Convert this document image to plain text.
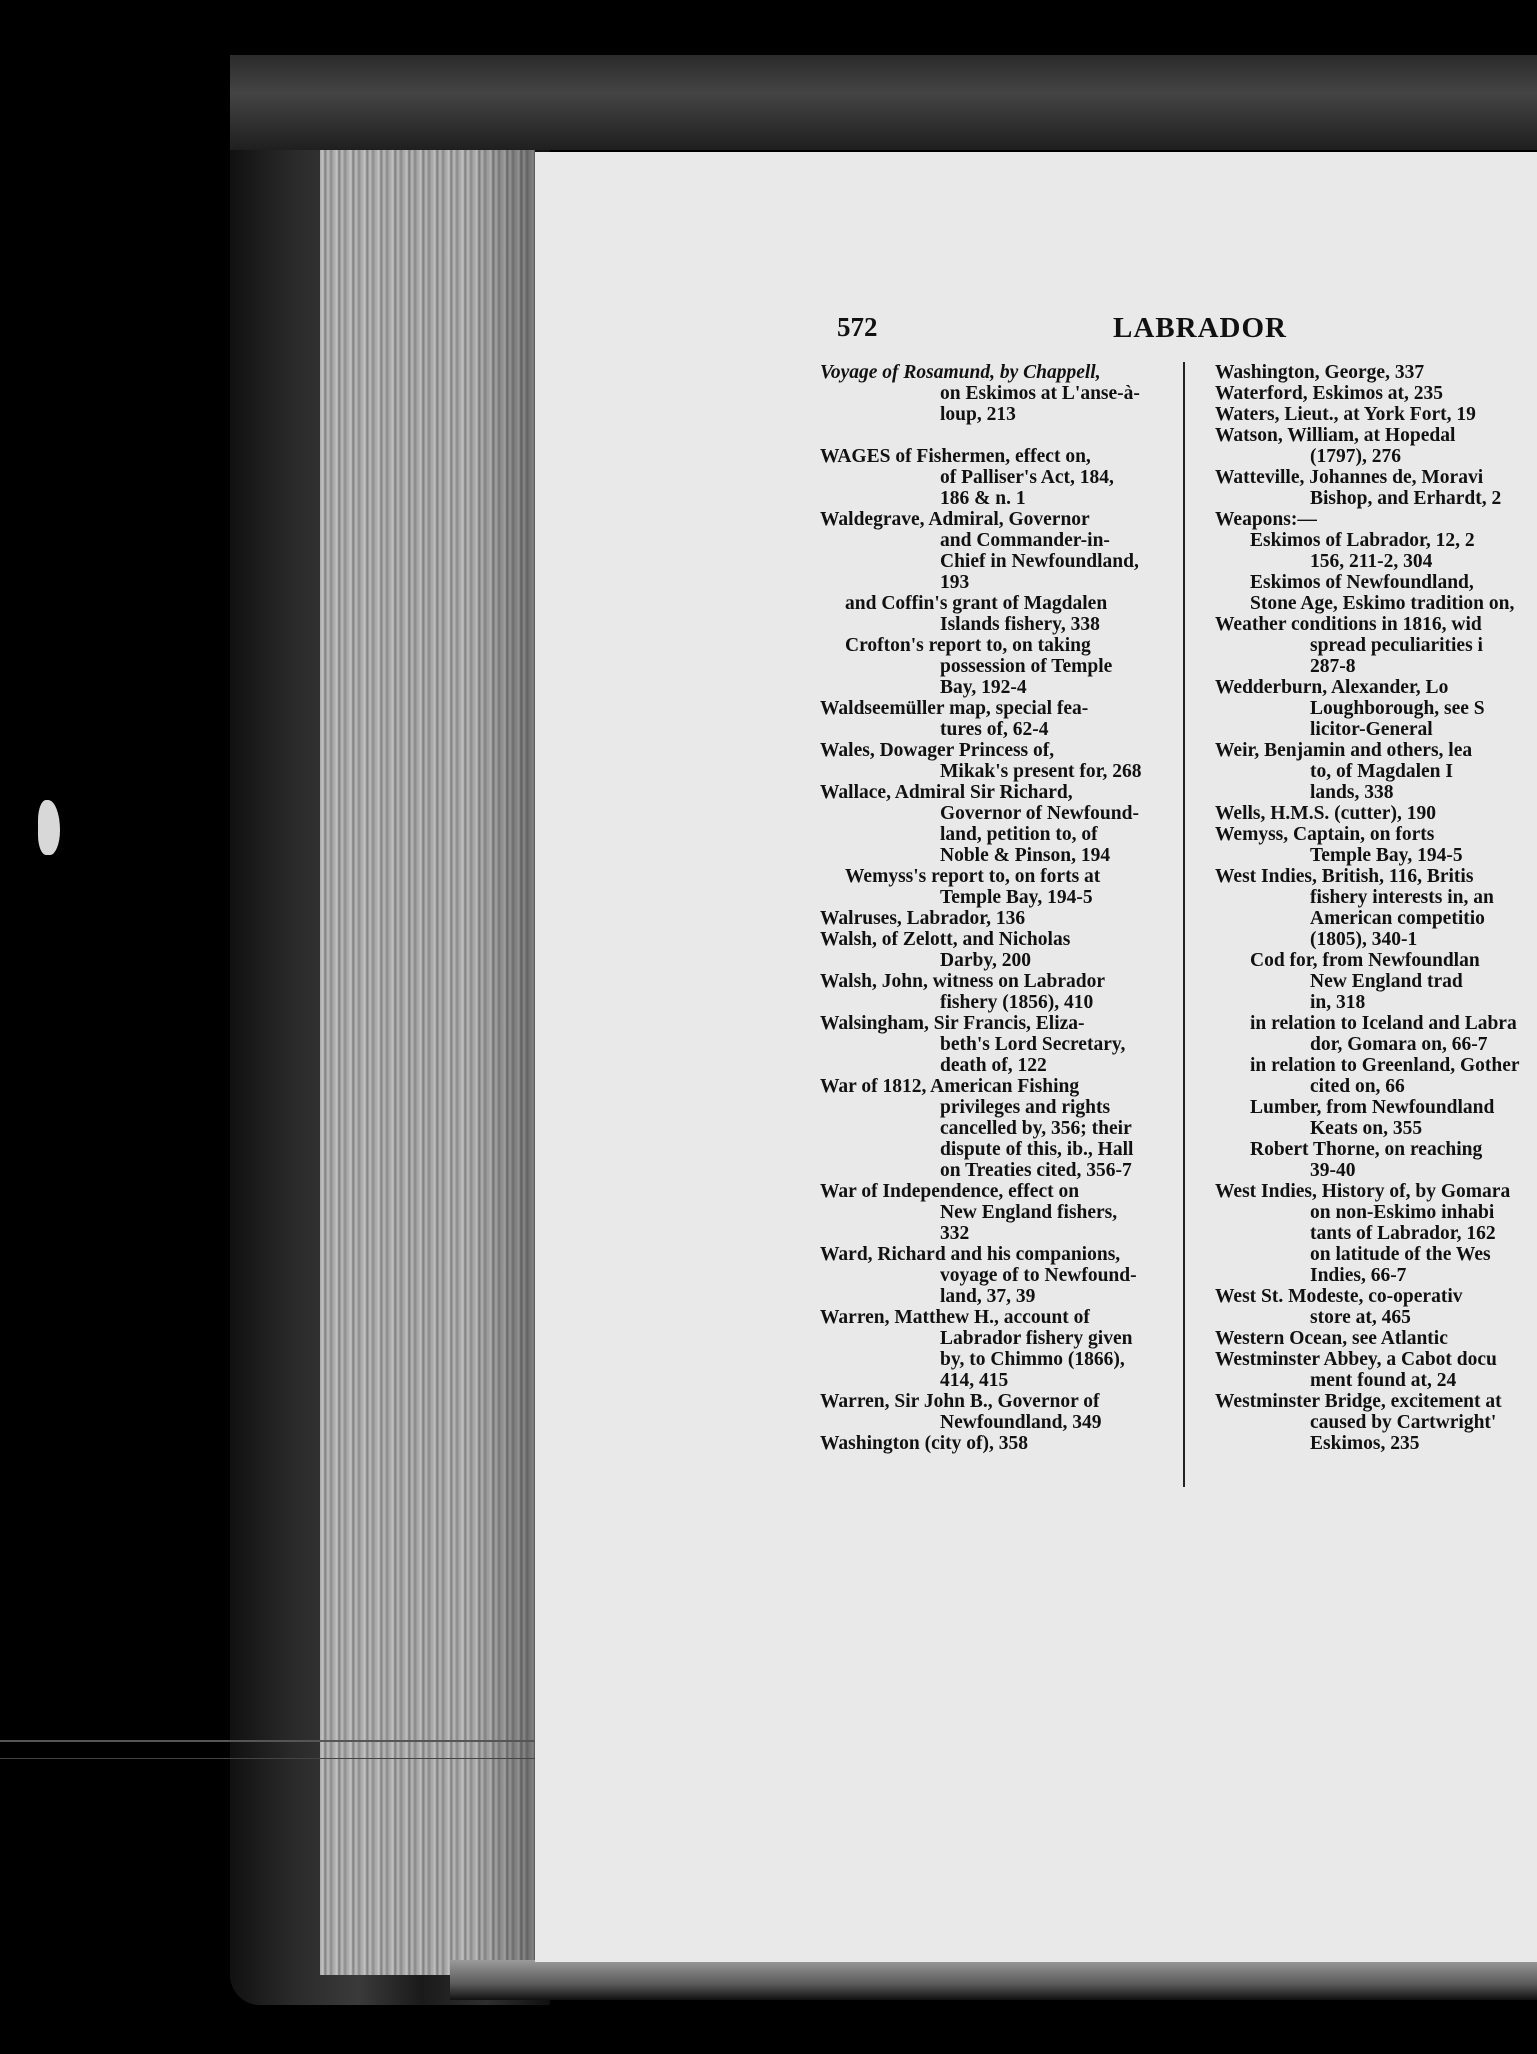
572	LABRADOR

Voyage of Rosamund, by Chappell,
on Eskimos at L'anse-à-
loup, 213

WAGES of Fishermen, effect on,
of Palliser's Act, 184,
186 & n. 1

Waldegrave, Admiral, Governor
and Commander-in-
Chief in Newfoundland,
193

and Coffin's grant of Magdalen
Islands fishery, 338

Crofton's report to, on taking
possession of Temple
Bay, 192-4

Waldseemüller map, special fea-
tures of, 62-4

Wales, Dowager Princess of,
Mikak's present for, 268

Wallace, Admiral Sir Richard,
Governor of Newfound-
land, petition to, of
Noble & Pinson, 194

Wemyss's report to, on forts at
Temple Bay, 194-5

Walruses, Labrador, 136

Walsh, of Zelott, and Nicholas
Darby, 200

Walsh, John, witness on Labrador
fishery (1856), 410

Walsingham, Sir Francis, Eliza-
beth's Lord Secretary,
death of, 122

War of 1812, American Fishing
privileges and rights
cancelled by, 356; their
dispute of this, ib., Hall
on Treaties cited, 356-7

War of Independence, effect on
New England fishers,
332

Ward, Richard and his companions,
voyage of to Newfound-
land, 37, 39

Warren, Matthew H., account of
Labrador fishery given
by, to Chimmo (1866),
414, 415

Warren, Sir John B., Governor of
Newfoundland, 349

Washington (city of), 358

Washington, George, 337

Waterford, Eskimos at, 235

Waters, Lieut., at York Fort, 19

Watson, William, at Hopedal
(1797), 276

Watteville, Johannes de, Moravi
Bishop, and Erhardt, 2

Weapons:—

Eskimos of Labrador, 12, 2
156, 211-2, 304

Eskimos of Newfoundland,

Stone Age, Eskimo tradition on,

Weather conditions in 1816, wid
spread peculiarities i
287-8

Wedderburn, Alexander, Lo
Loughborough, see S
licitor-General

Weir, Benjamin and others, lea
to, of Magdalen I
lands, 338

Wells, H.M.S. (cutter), 190

Wemyss, Captain, on forts
Temple Bay, 194-5

West Indies, British, 116, Britis
fishery interests in, an
American competitio
(1805), 340-1

Cod for, from Newfoundlan
New England trad
in, 318

in relation to Iceland and Labra
dor, Gomara on, 66-7

in relation to Greenland, Gother
cited on, 66

Lumber, from Newfoundland
Keats on, 355

Robert Thorne, on reaching
39-40

West Indies, History of, by Gomara
on non-Eskimo inhabi
tants of Labrador, 162
on latitude of the Wes
Indies, 66-7

West St. Modeste, co-operativ
store at, 465

Western Ocean, see Atlantic

Westminster Abbey, a Cabot docu
ment found at, 24

Westminster Bridge, excitement at
caused by Cartwright'
Eskimos, 235
